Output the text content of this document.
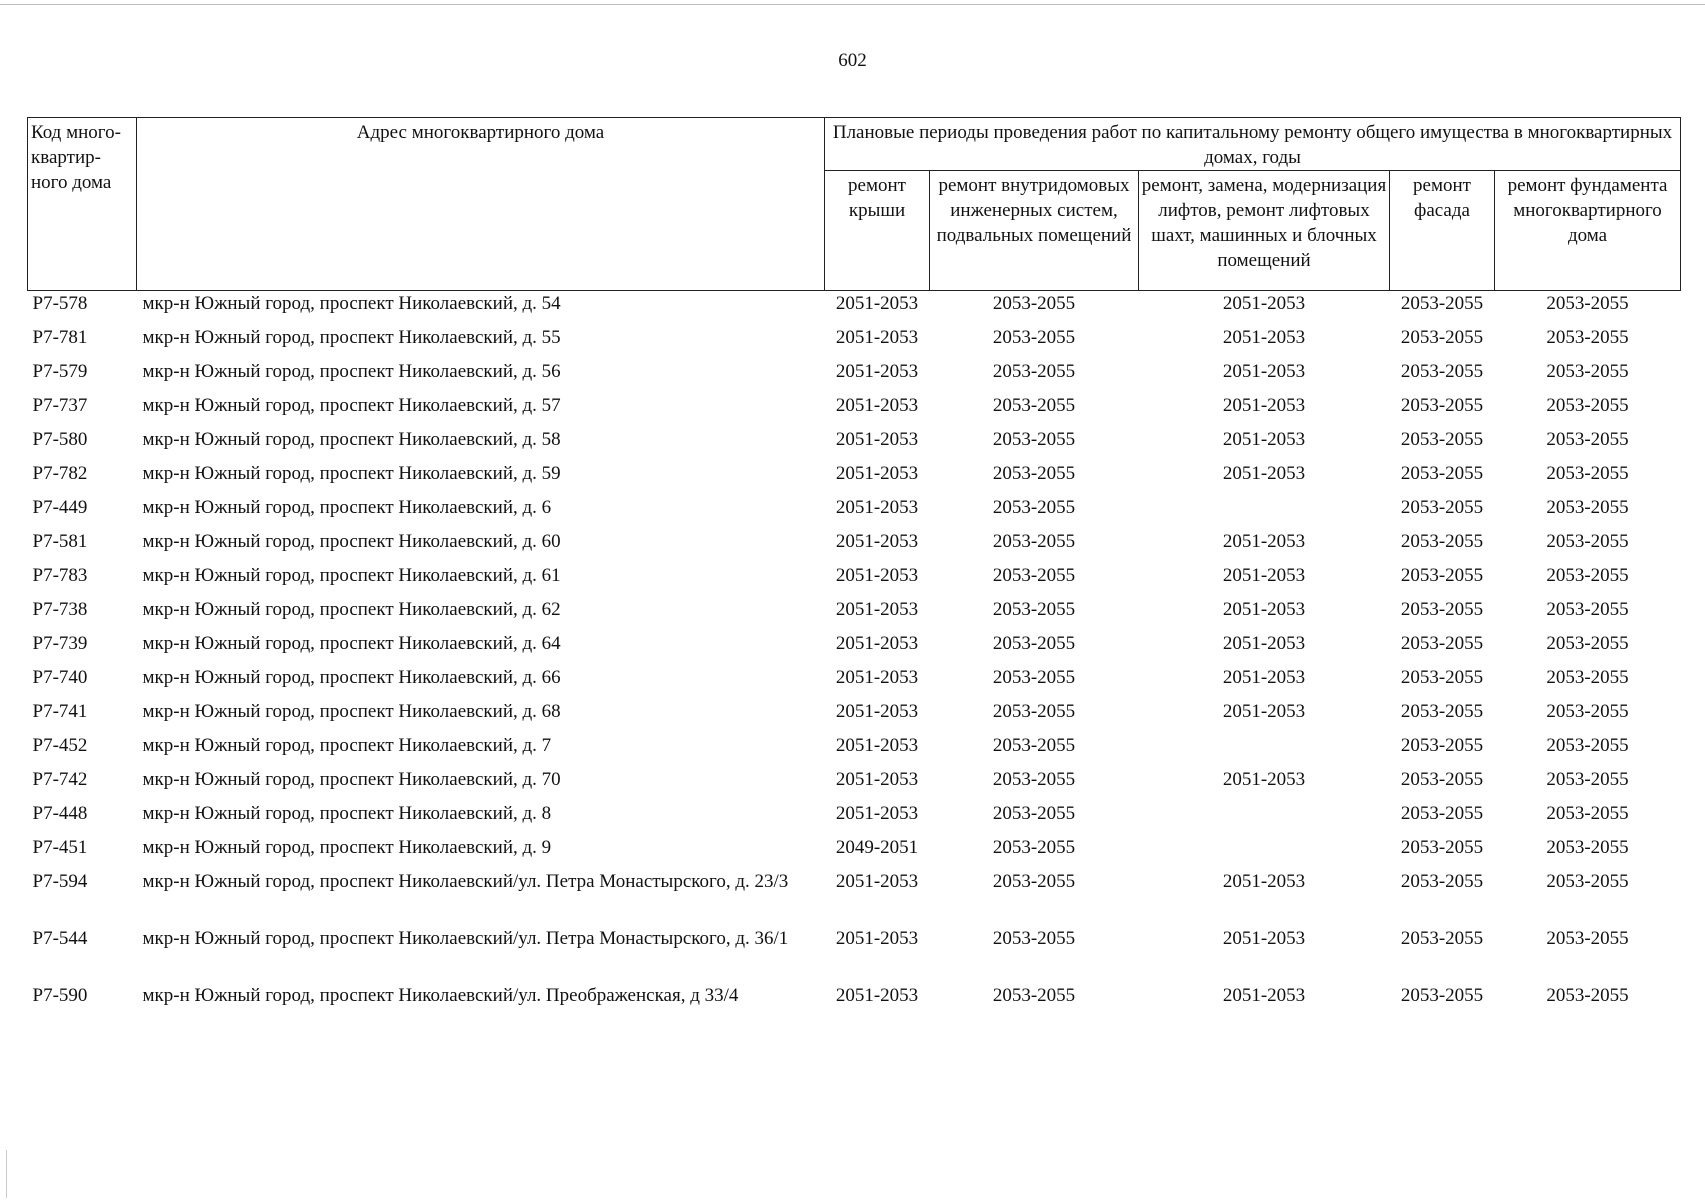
602
Код много-квартир-ного дома	Адрес многоквартирного дома	Плановые периоды проведения работ по капитальному ремонту общего имущества в многоквартирных домах, годы				
		ремонт крыши	ремонт внутридомовых инженерных систем, подвальных помещений	ремонт, замена, модернизация лифтов, ремонт лифтовых шахт, машинных и блочных помещений	ремонт фасада	ремонт фундамента многоквартирного дома
Р7-578	мкр-н Южный город, проспект Николаевский, д. 54	2051-2053	2053-2055	2051-2053	2053-2055	2053-2055
Р7-781	мкр-н Южный город, проспект Николаевский, д. 55	2051-2053	2053-2055	2051-2053	2053-2055	2053-2055
Р7-579	мкр-н Южный город, проспект Николаевский, д. 56	2051-2053	2053-2055	2051-2053	2053-2055	2053-2055
Р7-737	мкр-н Южный город, проспект Николаевский, д. 57	2051-2053	2053-2055	2051-2053	2053-2055	2053-2055
Р7-580	мкр-н Южный город, проспект Николаевский, д. 58	2051-2053	2053-2055	2051-2053	2053-2055	2053-2055
Р7-782	мкр-н Южный город, проспект Николаевский, д. 59	2051-2053	2053-2055	2051-2053	2053-2055	2053-2055
Р7-449	мкр-н Южный город, проспект Николаевский, д. 6	2051-2053	2053-2055		2053-2055	2053-2055
Р7-581	мкр-н Южный город, проспект Николаевский, д. 60	2051-2053	2053-2055	2051-2053	2053-2055	2053-2055
Р7-783	мкр-н Южный город, проспект Николаевский, д. 61	2051-2053	2053-2055	2051-2053	2053-2055	2053-2055
Р7-738	мкр-н Южный город, проспект Николаевский, д. 62	2051-2053	2053-2055	2051-2053	2053-2055	2053-2055
Р7-739	мкр-н Южный город, проспект Николаевский, д. 64	2051-2053	2053-2055	2051-2053	2053-2055	2053-2055
Р7-740	мкр-н Южный город, проспект Николаевский, д. 66	2051-2053	2053-2055	2051-2053	2053-2055	2053-2055
Р7-741	мкр-н Южный город, проспект Николаевский, д. 68	2051-2053	2053-2055	2051-2053	2053-2055	2053-2055
Р7-452	мкр-н Южный город, проспект Николаевский, д. 7	2051-2053	2053-2055		2053-2055	2053-2055
Р7-742	мкр-н Южный город, проспект Николаевский, д. 70	2051-2053	2053-2055	2051-2053	2053-2055	2053-2055
Р7-448	мкр-н Южный город, проспект Николаевский, д. 8	2051-2053	2053-2055		2053-2055	2053-2055
Р7-451	мкр-н Южный город, проспект Николаевский, д. 9	2049-2051	2053-2055		2053-2055	2053-2055
Р7-594	мкр-н Южный город, проспект Николаевский/ул. Петра Монастырского, д. 23/3	2051-2053	2053-2055	2051-2053	2053-2055	2053-2055
Р7-544	мкр-н Южный город, проспект Николаевский/ул. Петра Монастырского, д. 36/1	2051-2053	2053-2055	2051-2053	2053-2055	2053-2055
Р7-590	мкр-н Южный город, проспект Николаевский/ул. Преображенская, д 33/4	2051-2053	2053-2055	2051-2053	2053-2055	2053-2055
